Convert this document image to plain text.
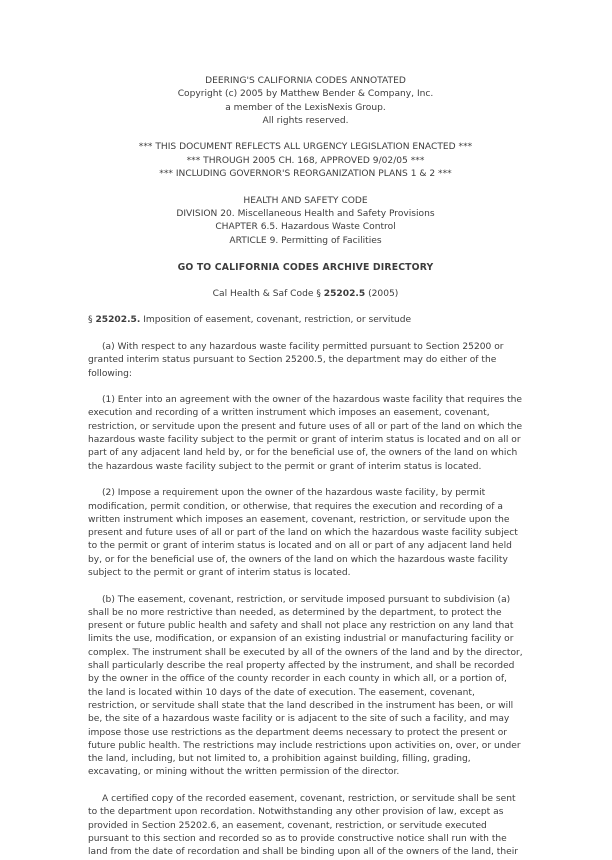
DEERING'S CALIFORNIA CODES ANNOTATED
Copyright (c) 2005 by Matthew Bender & Company, Inc.
a member of the LexisNexis Group.
All rights reserved.
*** THIS DOCUMENT REFLECTS ALL URGENCY LEGISLATION ENACTED ***
*** THROUGH 2005 CH. 168, APPROVED 9/02/05 ***
*** INCLUDING GOVERNOR'S REORGANIZATION PLANS 1 & 2 ***
HEALTH AND SAFETY CODE
DIVISION 20. Miscellaneous Health and Safety Provisions
CHAPTER 6.5. Hazardous Waste Control
ARTICLE 9. Permitting of Facilities
GO TO CALIFORNIA CODES ARCHIVE DIRECTORY
Cal Health & Saf Code § 25202.5 (2005)
§ 25202.5. Imposition of easement, covenant, restriction, or servitude

(a) With respect to any hazardous waste facility permitted pursuant to Section 25200 or granted interim status pursuant to Section 25200.5, the department may do either of the following:

(1) Enter into an agreement with the owner of the hazardous waste facility that requires the execution and recording of a written instrument which imposes an easement, covenant, restriction, or servitude upon the present and future uses of all or part of the land on which the hazardous waste facility subject to the permit or grant of interim status is located and on all or part of any adjacent land held by, or for the beneficial use of, the owners of the land on which the hazardous waste facility subject to the permit or grant of interim status is located.

(2) Impose a requirement upon the owner of the hazardous waste facility, by permit modification, permit condition, or otherwise, that requires the execution and recording of a written instrument which imposes an easement, covenant, restriction, or servitude upon the present and future uses of all or part of the land on which the hazardous waste facility subject to the permit or grant of interim status is located and on all or part of any adjacent land held by, or for the beneficial use of, the owners of the land on which the hazardous waste facility subject to the permit or grant of interim status is located.

(b) The easement, covenant, restriction, or servitude imposed pursuant to subdivision (a) shall be no more restrictive than needed, as determined by the department, to protect the present or future public health and safety and shall not place any restriction on any land that limits the use, modification, or expansion of an existing industrial or manufacturing facility or complex. The instrument shall be executed by all of the owners of the land and by the director, shall particularly describe the real property affected by the instrument, and shall be recorded by the owner in the office of the county recorder in each county in which all, or a portion of, the land is located within 10 days of the date of execution. The easement, covenant, restriction, or servitude shall state that the land described in the instrument has been, or will be, the site of a hazardous waste facility or is adjacent to the site of such a facility, and may impose those use restrictions as the department deems necessary to protect the present or future public health. The restrictions may include restrictions upon activities on, over, or under the land, including, but not limited to, a prohibition against building, filling, grading, excavating, or mining without the written permission of the director.

A certified copy of the recorded easement, covenant, restriction, or servitude shall be sent to the department upon recordation. Notwithstanding any other provision of law, except as provided in Section 25202.6, an easement, covenant, restriction, or servitude executed pursuant to this section and recorded so as to provide constructive notice shall run with the land from the date of recordation and shall be binding upon all of the owners of the land, their
